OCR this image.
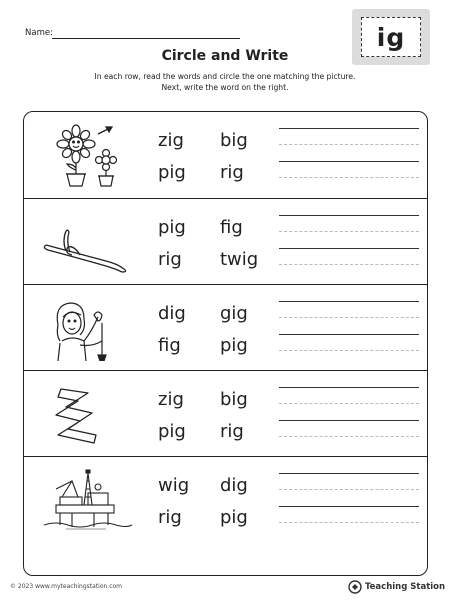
Name:	ig
Circle and Write
In each row, read the words and circle the one matching the picture.
Next, write the word on the right.
zig big
pig rig
pig fig
rig twig
dig gig
fig pig
zig big
pig rig
wig dig
rig pig
© 2023 www.myteachingstation.com	Teaching Station
